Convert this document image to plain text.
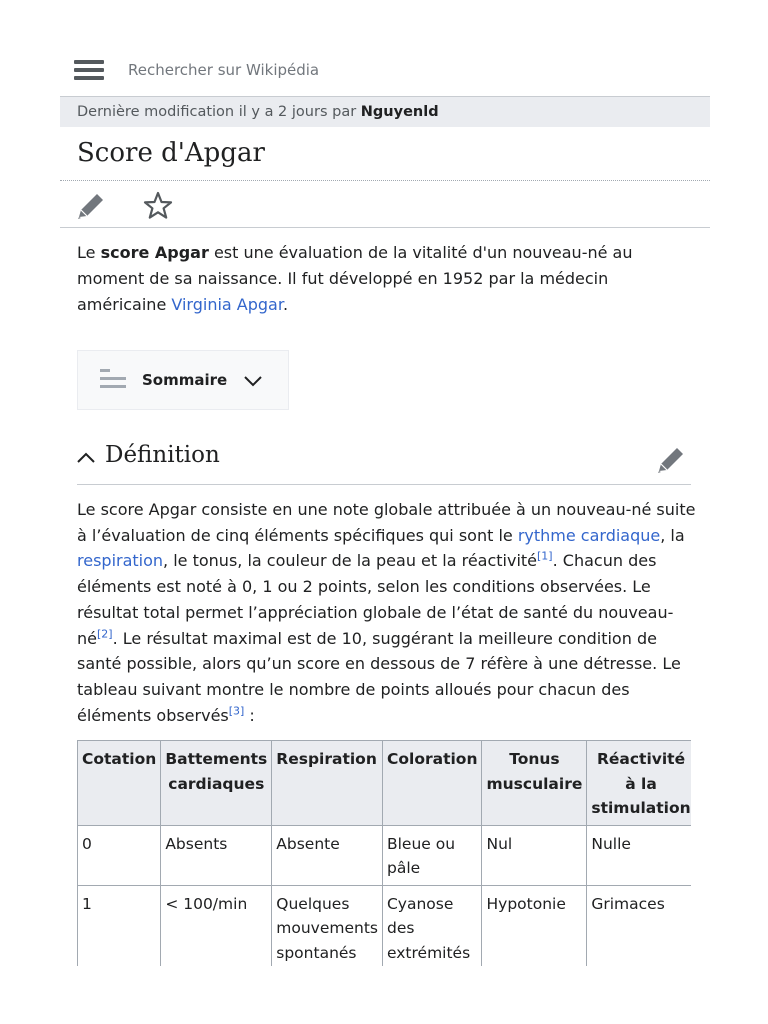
Rechercher sur Wikipédia
Dernière modification il y a 2 jours par Nguyenld
Score d'Apgar

Le score Apgar est une évaluation de la vitalité d'un nouveau-né au moment de sa naissance. Il fut développé en 1952 par la médecin américaine Virginia Apgar.

Sommaire
Définition

Le score Apgar consiste en une note globale attribuée à un nouveau-né suite à l’évaluation de cinq éléments spécifiques qui sont le rythme cardiaque, la respiration, le tonus, la couleur de la peau et la réactivité[1]. Chacun des éléments est noté à 0, 1 ou 2 points, selon les conditions observées. Le résultat total permet l’appréciation globale de l’état de santé du nouveau-né[2]. Le résultat maximal est de 10, suggérant la meilleure condition de santé possible, alors qu’un score en dessous de 7 réfère à une détresse. Le tableau suivant montre le nombre de points alloués pour chacun des éléments observés[3] :

Cotation	Battements cardiaques	Respiration	Coloration	Tonus musculaire	Réactivité à la stimulation
0	Absents	Absente	Bleue ou pâle	Nul	Nulle
1	< 100/min	Quelques mouvements spontanés	Cyanose des extrémités	Hypotonie	Grimaces
